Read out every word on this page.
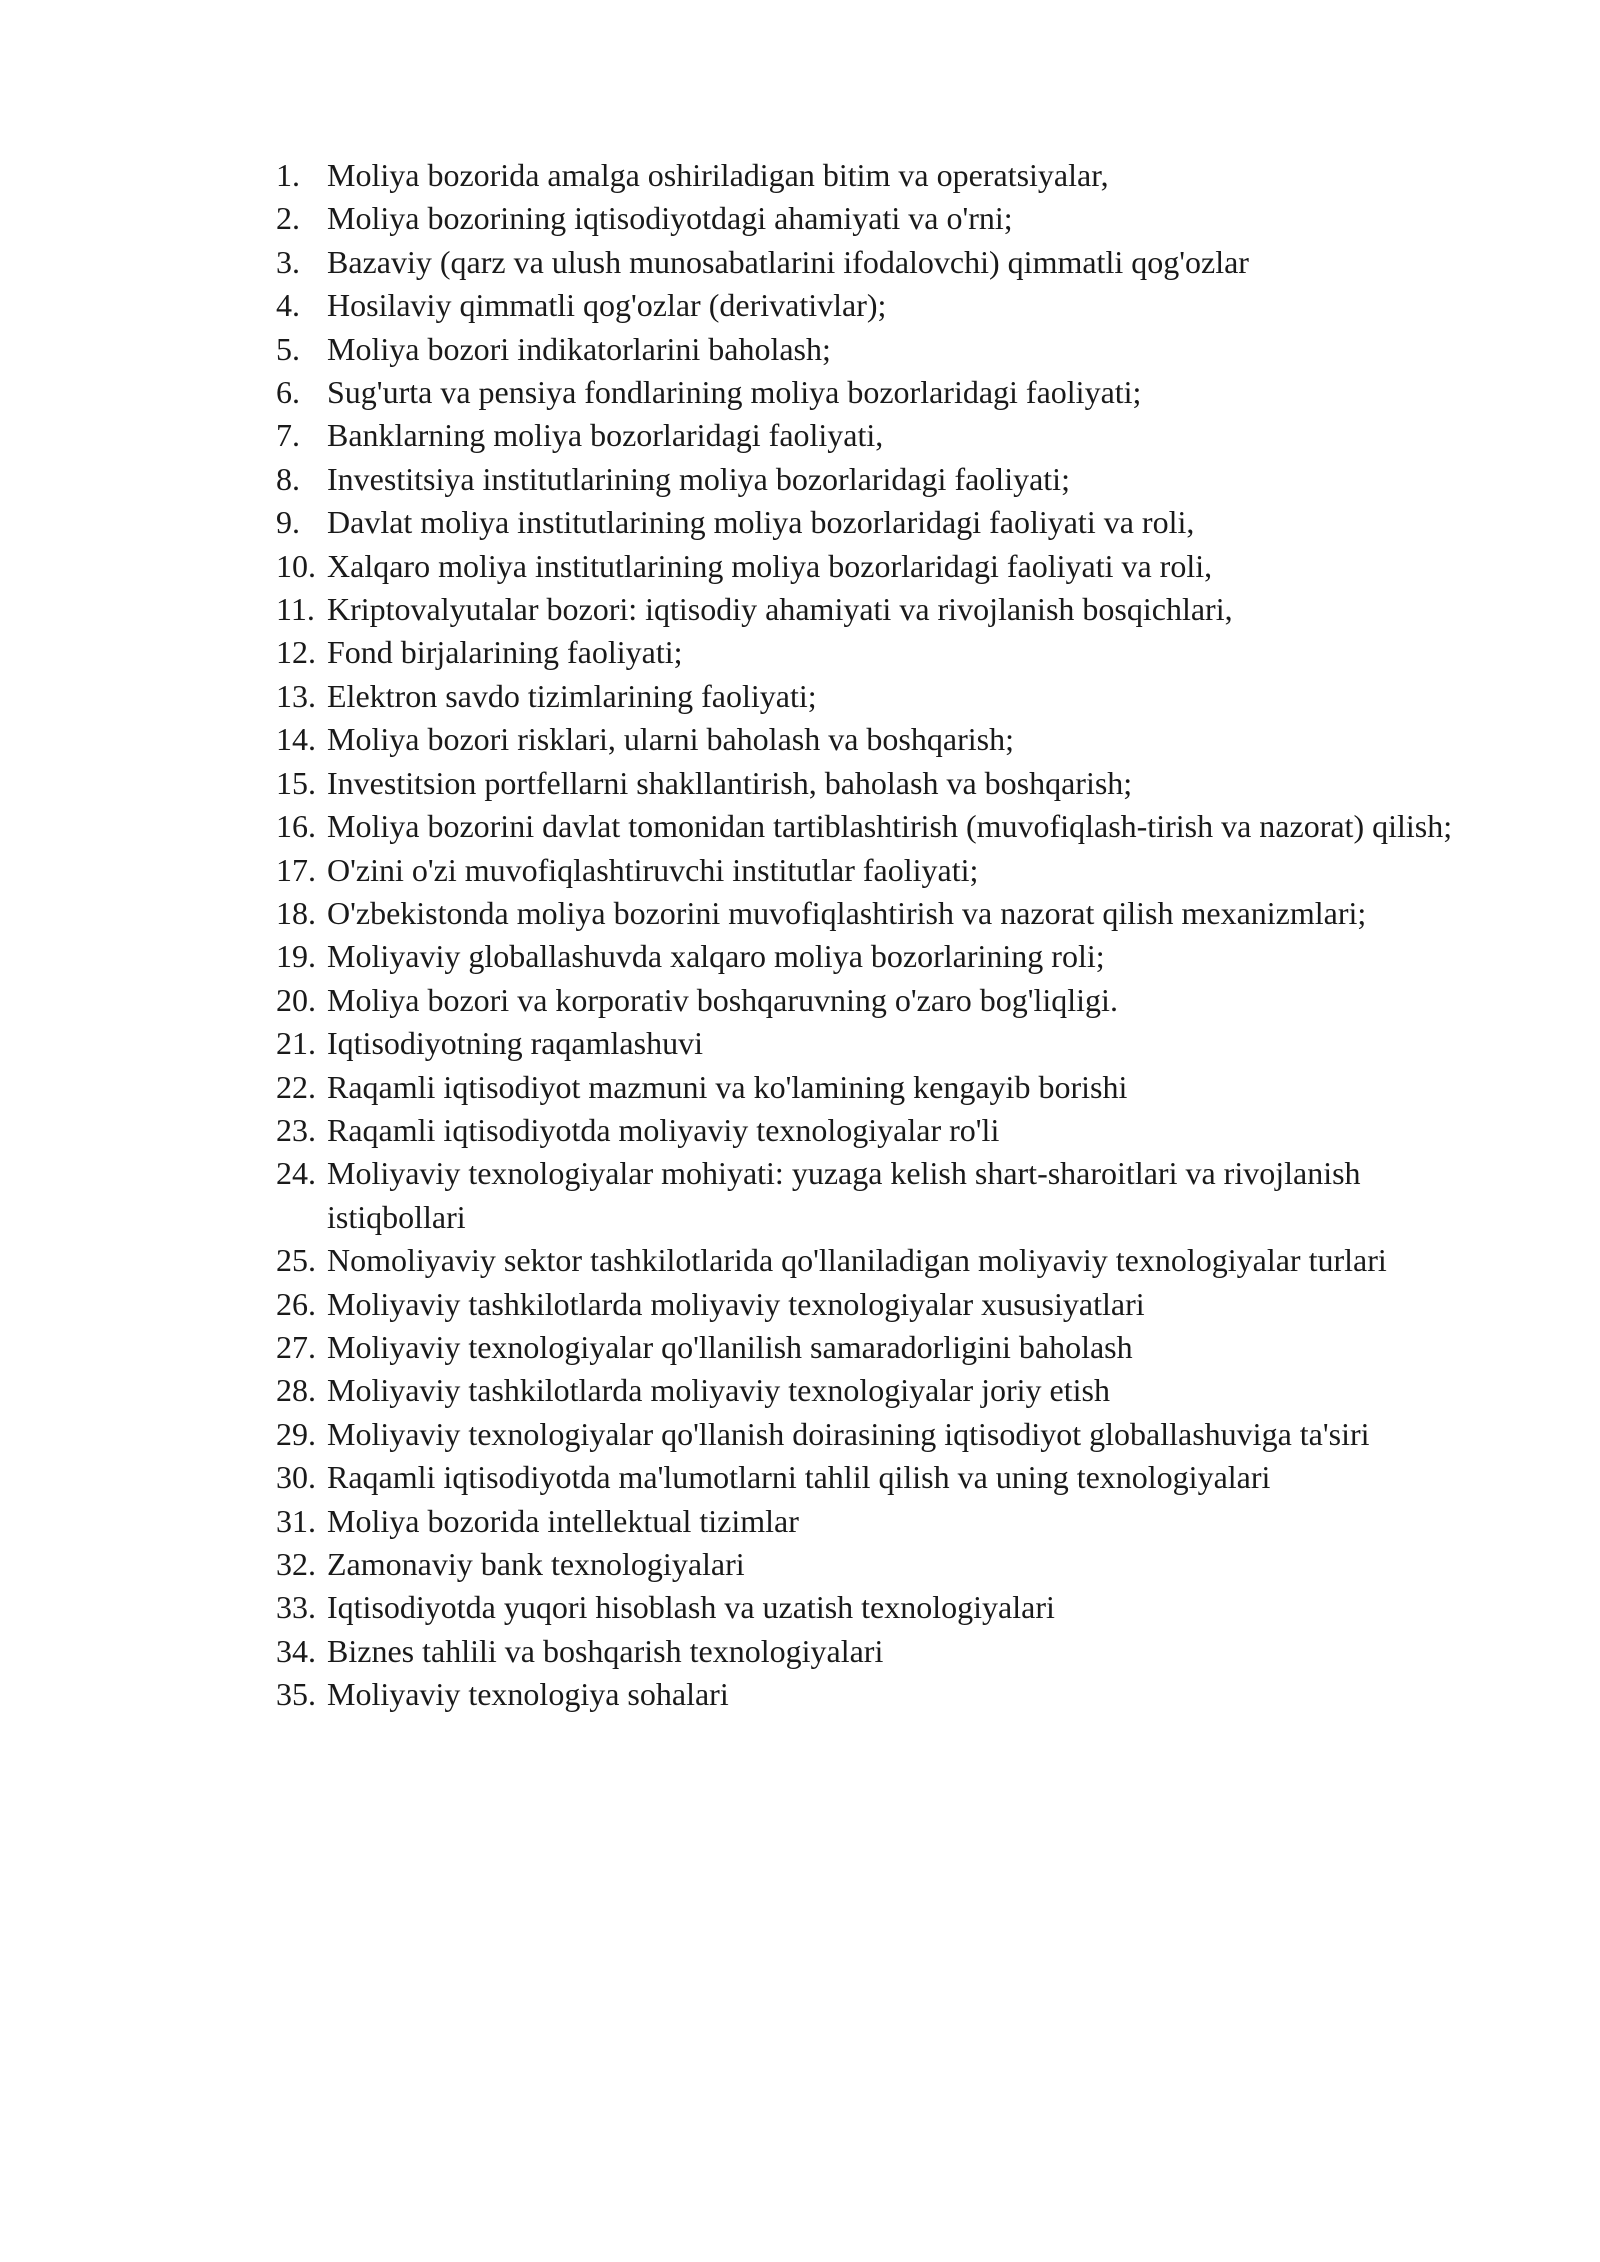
1. Moliya bozorida amalga oshiriladigan bitim va operatsiyalar,
2. Moliya bozorining iqtisodiyotdagi ahamiyati va o'rni;
3. Bazaviy (qarz va ulush munosabatlarini ifodalovchi) qimmatli qog'ozlar
4. Hosilaviy qimmatli qog'ozlar (derivativlar);
5. Moliya bozori indikatorlarini baholash;
6. Sug'urta va pensiya fondlarining moliya bozorlaridagi faoliyati;
7. Banklarning moliya bozorlaridagi faoliyati,
8. Investitsiya institutlarining moliya bozorlaridagi faoliyati;
9. Davlat moliya institutlarining moliya bozorlaridagi faoliyati va roli,
10. Xalqaro moliya institutlarining moliya bozorlaridagi faoliyati va roli,
11. Kriptovalyutalar bozori: iqtisodiy ahamiyati va rivojlanish bosqichlari,
12. Fond birjalarining faoliyati;
13. Elektron savdo tizimlarining faoliyati;
14. Moliya bozori risklari, ularni baholash va boshqarish;
15. Investitsion portfellarni shakllantirish, baholash va boshqarish;
16. Moliya bozorini davlat tomonidan tartiblashtirish (muvofiqlash-tirish va nazorat) qilish;
17. O'zini o'zi muvofiqlashtiruvchi institutlar faoliyati;
18. O'zbekistonda moliya bozorini muvofiqlashtirish va nazorat qilish mexanizmlari;
19. Moliyaviy globallashuvda xalqaro moliya bozorlarining roli;
20. Moliya bozori va korporativ boshqaruvning o'zaro bog'liqligi.
21. Iqtisodiyotning raqamlashuvi
22. Raqamli iqtisodiyot mazmuni va ko'lamining kengayib borishi
23. Raqamli iqtisodiyotda moliyaviy texnologiyalar ro'li
24. Moliyaviy texnologiyalar mohiyati: yuzaga kelish shart-sharoitlari va rivojlanish istiqbollari
25. Nomoliyaviy sektor tashkilotlarida qo'llaniladigan moliyaviy texnologiyalar turlari
26. Moliyaviy tashkilotlarda moliyaviy texnologiyalar xususiyatlari
27. Moliyaviy texnologiyalar qo'llanilish samaradorligini baholash
28. Moliyaviy tashkilotlarda moliyaviy texnologiyalar joriy etish
29. Moliyaviy texnologiyalar qo'llanish doirasining iqtisodiyot globallashuviga ta'siri
30. Raqamli iqtisodiyotda ma'lumotlarni tahlil qilish va uning texnologiyalari
31. Moliya bozorida intellektual tizimlar
32. Zamonaviy bank texnologiyalari
33. Iqtisodiyotda yuqori hisoblash va uzatish texnologiyalari
34. Biznes tahlili va boshqarish texnologiyalari
35. Moliyaviy texnologiya sohalari
